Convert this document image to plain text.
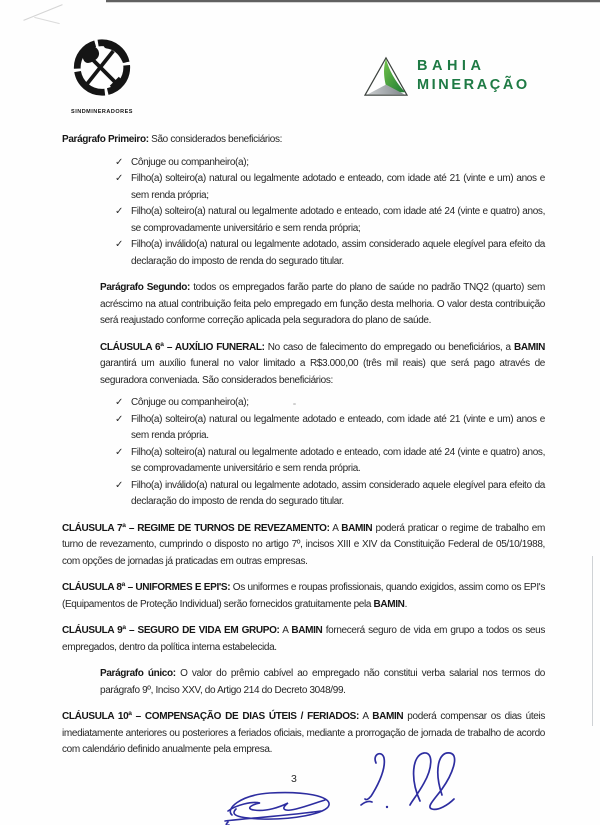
SINDMINERADORES
BAHIA
MINERAÇÃO

Parágrafo Primeiro: São considerados beneficiários:

✓ Cônjuge ou companheiro(a);
✓ Filho(a) solteiro(a) natural ou legalmente adotado e enteado, com idade até 21 (vinte e um) anos e sem renda própria;
✓ Filho(a) solteiro(a) natural ou legalmente adotado e enteado, com idade até 24 (vinte e quatro) anos, se comprovadamente universitário e sem renda própria;
✓ Filho(a) inválido(a) natural ou legalmente adotado, assim considerado aquele elegível para efeito da declaração do imposto de renda do segurado titular.

Parágrafo Segundo: todos os empregados farão parte do plano de saúde no padrão TNQ2 (quarto) sem acréscimo na atual contribuição feita pelo empregado em função desta melhoria. O valor desta contribuição será reajustado conforme correção aplicada pela seguradora do plano de saúde.

CLÁUSULA 6ª – AUXÍLIO FUNERAL: No caso de falecimento do empregado ou beneficiários, a BAMIN garantirá um auxílio funeral no valor limitado a R$3.000,00 (três mil reais) que será pago através de seguradora conveniada. São considerados beneficiários:

✓ Cônjuge ou companheiro(a);
✓ Filho(a) solteiro(a) natural ou legalmente adotado e enteado, com idade até 21 (vinte e um) anos e sem renda própria.
✓ Filho(a) solteiro(a) natural ou legalmente adotado e enteado, com idade até 24 (vinte e quatro) anos, se comprovadamente universitário e sem renda própria.
✓ Filho(a) inválido(a) natural ou legalmente adotado, assim considerado aquele elegível para efeito da declaração do imposto de renda do segurado titular.

CLÁUSULA 7ª – REGIME DE TURNOS DE REVEZAMENTO: A BAMIN poderá praticar o regime de trabalho em turno de revezamento, cumprindo o disposto no artigo 7º, incisos XIII e XIV da Constituição Federal de 05/10/1988, com opções de jornadas já praticadas em outras empresas.

CLÁUSULA 8ª – UNIFORMES E EPI'S: Os uniformes e roupas profissionais, quando exigidos, assim como os EPI's (Equipamentos de Proteção Individual) serão fornecidos gratuitamente pela BAMIN.

CLÁUSULA 9ª – SEGURO DE VIDA EM GRUPO: A BAMIN fornecerá seguro de vida em grupo a todos os seus empregados, dentro da política interna estabelecida.

Parágrafo único: O valor do prêmio cabível ao empregado não constitui verba salarial nos termos do parágrafo 9º, Inciso XXV, do Artigo 214 do Decreto 3048/99.

CLÁUSULA 10ª – COMPENSAÇÃO DE DIAS ÚTEIS / FERIADOS: A BAMIN poderá compensar os dias úteis imediatamente anteriores ou posteriores a feriados oficiais, mediante a prorrogação de jornada de trabalho de acordo com calendário definido anualmente pela empresa.

3
